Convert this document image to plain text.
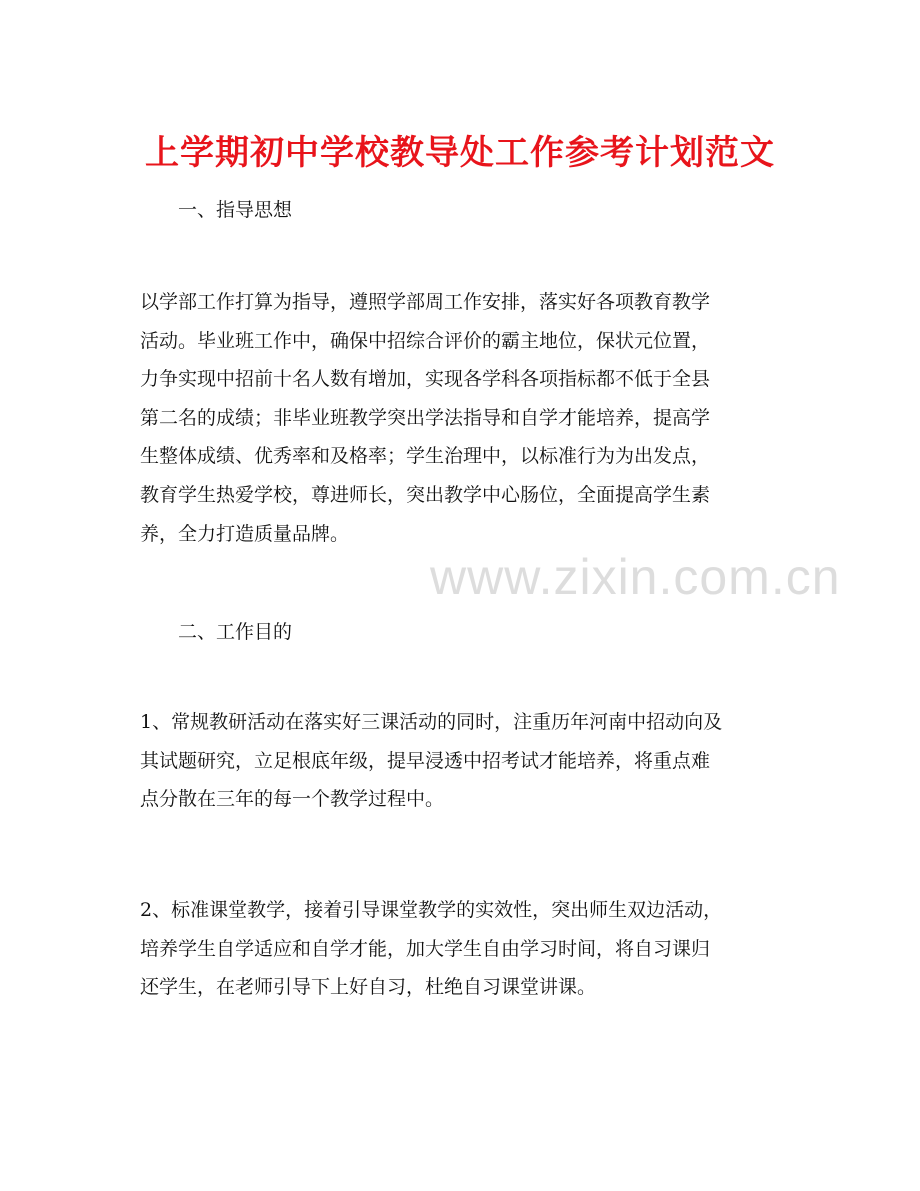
上学期初中学校教导处工作参考计划范文

一、指导思想

以学部工作打算为指导，遵照学部周工作安排，落实好各项教育教学
活动。毕业班工作中，确保中招综合评价的霸主地位，保状元位置，
力争实现中招前十名人数有增加，实现各学科各项指标都不低于全县
第二名的成绩；非毕业班教学突出学法指导和自学才能培养，提高学
生整体成绩、优秀率和及格率；学生治理中，以标准行为为出发点，
教育学生热爱学校，尊进师长，突出教学中心肠位，全面提高学生素
养，全力打造质量品牌。

二、工作目的

1、常规教研活动在落实好三课活动的同时，注重历年河南中招动向及
其试题研究，立足根底年级，提早浸透中招考试才能培养，将重点难
点分散在三年的每一个教学过程中。
2、标准课堂教学，接着引导课堂教学的实效性，突出师生双边活动，
培养学生自学适应和自学才能，加大学生自由学习时间，将自习课归
还学生，在老师引导下上好自习，杜绝自习课堂讲课。
www.zixin.com.cn
